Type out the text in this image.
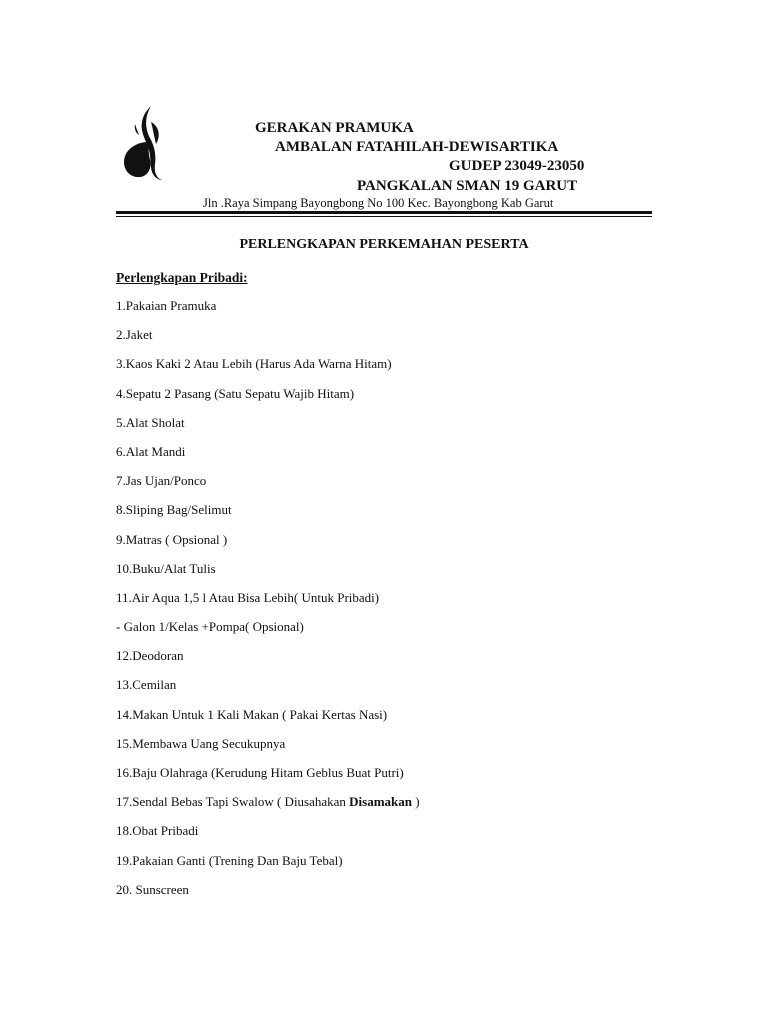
GERAKAN PRAMUKA
AMBALAN FATAHILAH-DEWISARTIKA
GUDEP 23049-23050
PANGKALAN SMAN 19 GARUT
Jln .Raya Simpang Bayongbong No 100 Kec. Bayongbong Kab Garut
PERLENGKAPAN PERKEMAHAN PESERTA
Perlengkapan Pribadi:
1.Pakaian Pramuka
2.Jaket
3.Kaos Kaki 2 Atau Lebih (Harus Ada Warna Hitam)
4.Sepatu 2 Pasang (Satu Sepatu Wajib Hitam)
5.Alat Sholat
6.Alat Mandi
7.Jas Ujan/Ponco
8.Sliping Bag/Selimut
9.Matras ( Opsional )
10.Buku/Alat Tulis
11.Air Aqua 1,5 l Atau Bisa Lebih( Untuk Pribadi)
- Galon 1/Kelas +Pompa( Opsional)
12.Deodoran
13.Cemilan
14.Makan Untuk 1 Kali Makan ( Pakai Kertas Nasi)
15.Membawa Uang Secukupnya
16.Baju Olahraga (Kerudung Hitam Geblus Buat Putri)
17.Sendal Bebas Tapi Swalow ( Diusahakan Disamakan )
18.Obat Pribadi
19.Pakaian Ganti (Trening Dan Baju Tebal)
20. Sunscreen
